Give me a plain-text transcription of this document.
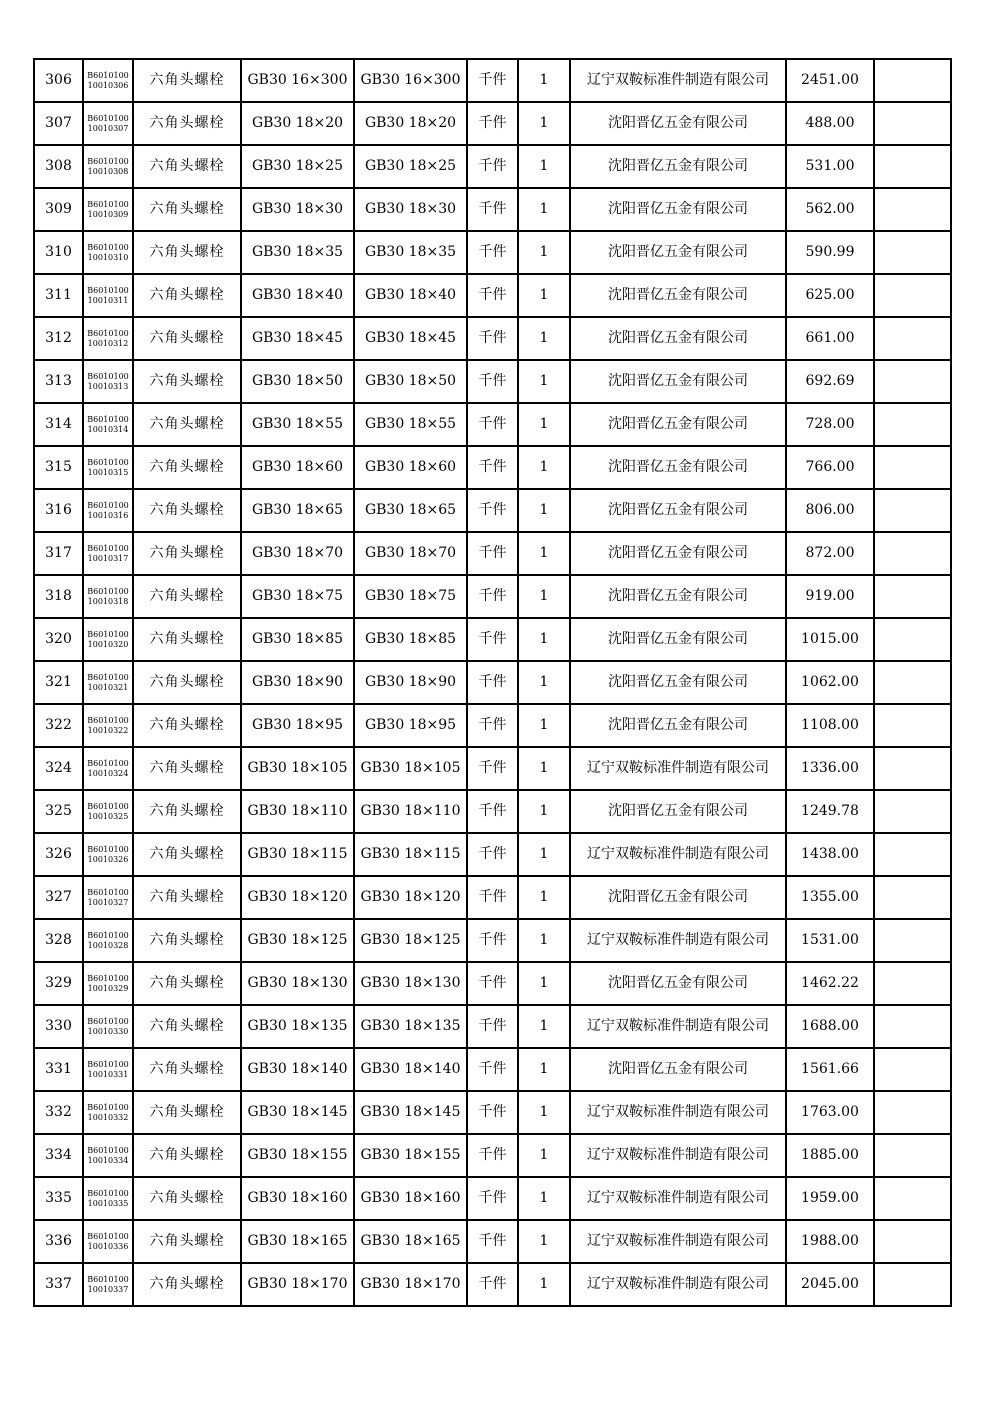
306	B601010010010306	六角头螺栓	GB30 16×300	GB30 16×300	千件	1	辽宁双鞍标准件制造有限公司	2451.00	
307	B601010010010307	六角头螺栓	GB30 18×20	GB30 18×20	千件	1	沈阳晋亿五金有限公司	488.00	
308	B601010010010308	六角头螺栓	GB30 18×25	GB30 18×25	千件	1	沈阳晋亿五金有限公司	531.00	
309	B601010010010309	六角头螺栓	GB30 18×30	GB30 18×30	千件	1	沈阳晋亿五金有限公司	562.00	
310	B601010010010310	六角头螺栓	GB30 18×35	GB30 18×35	千件	1	沈阳晋亿五金有限公司	590.99	
311	B601010010010311	六角头螺栓	GB30 18×40	GB30 18×40	千件	1	沈阳晋亿五金有限公司	625.00	
312	B601010010010312	六角头螺栓	GB30 18×45	GB30 18×45	千件	1	沈阳晋亿五金有限公司	661.00	
313	B601010010010313	六角头螺栓	GB30 18×50	GB30 18×50	千件	1	沈阳晋亿五金有限公司	692.69	
314	B601010010010314	六角头螺栓	GB30 18×55	GB30 18×55	千件	1	沈阳晋亿五金有限公司	728.00	
315	B601010010010315	六角头螺栓	GB30 18×60	GB30 18×60	千件	1	沈阳晋亿五金有限公司	766.00	
316	B601010010010316	六角头螺栓	GB30 18×65	GB30 18×65	千件	1	沈阳晋亿五金有限公司	806.00	
317	B601010010010317	六角头螺栓	GB30 18×70	GB30 18×70	千件	1	沈阳晋亿五金有限公司	872.00	
318	B601010010010318	六角头螺栓	GB30 18×75	GB30 18×75	千件	1	沈阳晋亿五金有限公司	919.00	
320	B601010010010320	六角头螺栓	GB30 18×85	GB30 18×85	千件	1	沈阳晋亿五金有限公司	1015.00	
321	B601010010010321	六角头螺栓	GB30 18×90	GB30 18×90	千件	1	沈阳晋亿五金有限公司	1062.00	
322	B601010010010322	六角头螺栓	GB30 18×95	GB30 18×95	千件	1	沈阳晋亿五金有限公司	1108.00	
324	B601010010010324	六角头螺栓	GB30 18×105	GB30 18×105	千件	1	辽宁双鞍标准件制造有限公司	1336.00	
325	B601010010010325	六角头螺栓	GB30 18×110	GB30 18×110	千件	1	沈阳晋亿五金有限公司	1249.78	
326	B601010010010326	六角头螺栓	GB30 18×115	GB30 18×115	千件	1	辽宁双鞍标准件制造有限公司	1438.00	
327	B601010010010327	六角头螺栓	GB30 18×120	GB30 18×120	千件	1	沈阳晋亿五金有限公司	1355.00	
328	B601010010010328	六角头螺栓	GB30 18×125	GB30 18×125	千件	1	辽宁双鞍标准件制造有限公司	1531.00	
329	B601010010010329	六角头螺栓	GB30 18×130	GB30 18×130	千件	1	沈阳晋亿五金有限公司	1462.22	
330	B601010010010330	六角头螺栓	GB30 18×135	GB30 18×135	千件	1	辽宁双鞍标准件制造有限公司	1688.00	
331	B601010010010331	六角头螺栓	GB30 18×140	GB30 18×140	千件	1	沈阳晋亿五金有限公司	1561.66	
332	B601010010010332	六角头螺栓	GB30 18×145	GB30 18×145	千件	1	辽宁双鞍标准件制造有限公司	1763.00	
334	B601010010010334	六角头螺栓	GB30 18×155	GB30 18×155	千件	1	辽宁双鞍标准件制造有限公司	1885.00	
335	B601010010010335	六角头螺栓	GB30 18×160	GB30 18×160	千件	1	辽宁双鞍标准件制造有限公司	1959.00	
336	B601010010010336	六角头螺栓	GB30 18×165	GB30 18×165	千件	1	辽宁双鞍标准件制造有限公司	1988.00	
337	B601010010010337	六角头螺栓	GB30 18×170	GB30 18×170	千件	1	辽宁双鞍标准件制造有限公司	2045.00	
